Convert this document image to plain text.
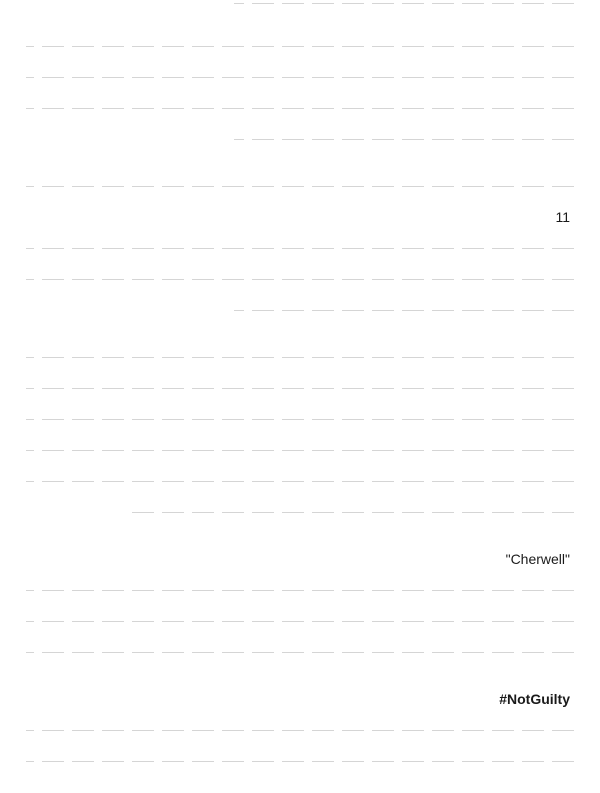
11

"Cherwell"

#NotGuilty
